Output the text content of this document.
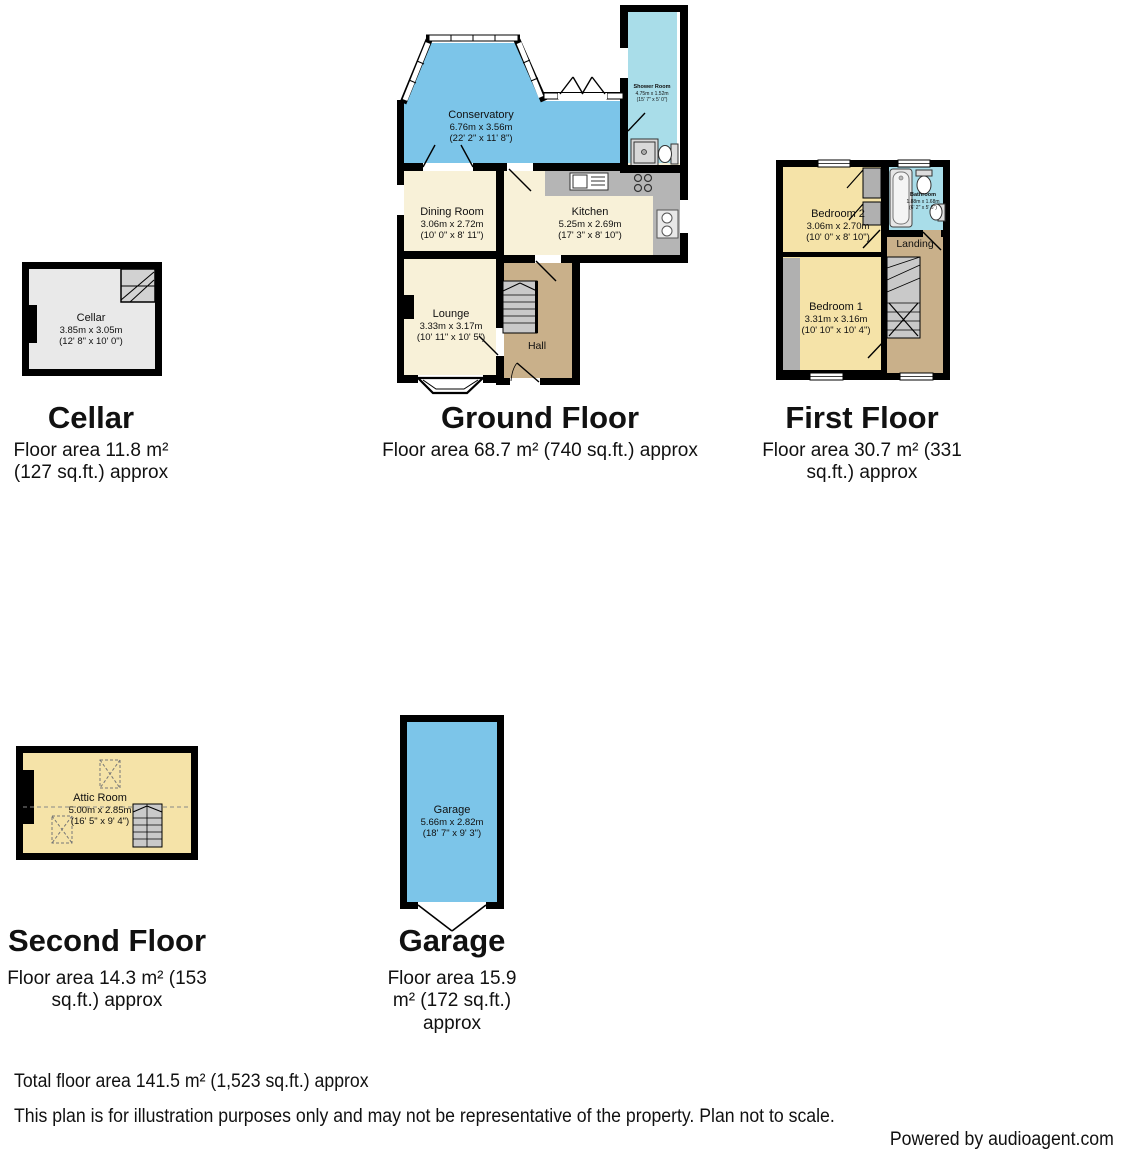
Cellar
3.85m x 3.05m
(12' 8" x 10' 0")
Conservatory
6.76m x 3.56m
(22' 2" x 11' 8")
Shower Room
4.75m x 1.52m
(15' 7" x 5' 0")
Dining Room
3.06m x 2.72m
(10' 0" x 8' 11")
Kitchen
5.25m x 2.69m
(17' 3" x 8' 10")
Lounge
3.33m x 3.17m
(10' 11" x 10' 5")
Hall
Bedroom 2
3.06m x 2.70m
(10' 0" x 8' 10")
Bathroom
1.88m x 1.68m
(6' 2" x 5' 6")
Landing
Bedroom 1
3.31m x 3.16m
(10' 10" x 10' 4")
Attic Room
5.00m x 2.85m
(16' 5" x 9' 4")
Garage
5.66m x 2.82m
(18' 7" x 9' 3")
Cellar
Floor area 11.8 m² (127 sq.ft.) approx
Ground Floor
Floor area 68.7 m² (740 sq.ft.) approx
First Floor
Floor area 30.7 m² (331 sq.ft.) approx
Second Floor
Floor area 14.3 m² (153 sq.ft.) approx
Garage
Floor area 15.9 m² (172 sq.ft.) approx
Total floor area 141.5 m² (1,523 sq.ft.) approx
This plan is for illustration purposes only and may not be representative of the property. Plan not to scale.
Powered by audioagent.com
